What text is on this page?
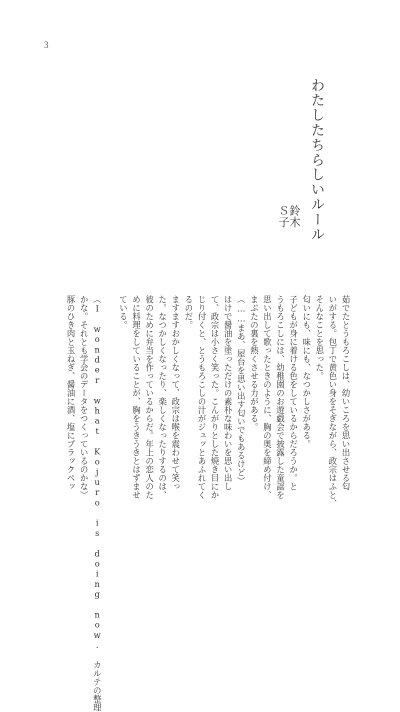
3
わたしたちらしいルール
鈴木
Ｓ子

茹でたとうもろこしは、幼いころを思い出させる匂

いがする。包丁で黄色い身をそぎながら、政宗はふと、

そんなことを思った。

匂いにも、味にも、なつかしさがある。

子どもが身に着ける色をしているからだろうか。と

うもろこしには、幼稚園のお遊戯会で披露した童謡を

思い出して歌ったときのように、胸の奥を締め付け、

まぶたの裏を熱くさせる力がある。

（……まあ、屋台を思い出す匂いでもあるけど）

はけで醤油を塗っただけの素朴な味わいを思い出し

て、政宗は小さく笑った。こんがりとした焼き目にか

じり付くと、とうもろこしの汁がジュッとあふれてく

るのだ。

ますますおかしくなって、政宗は喉を震わせて笑っ

た。なつかしくなったり、楽しくなったりするのは、

彼のために弁当を作っているからだ。年上の恋人のた

めに料理をしていることが、胸をうきうきとはずませ

ている。

（I wonder what Kojuro is doing now. カルテの整理

かな。それとも学会のデータをつくっているのかな）

豚のひき肉と玉ねぎ、醤油に酒、塩にブラックペッ
